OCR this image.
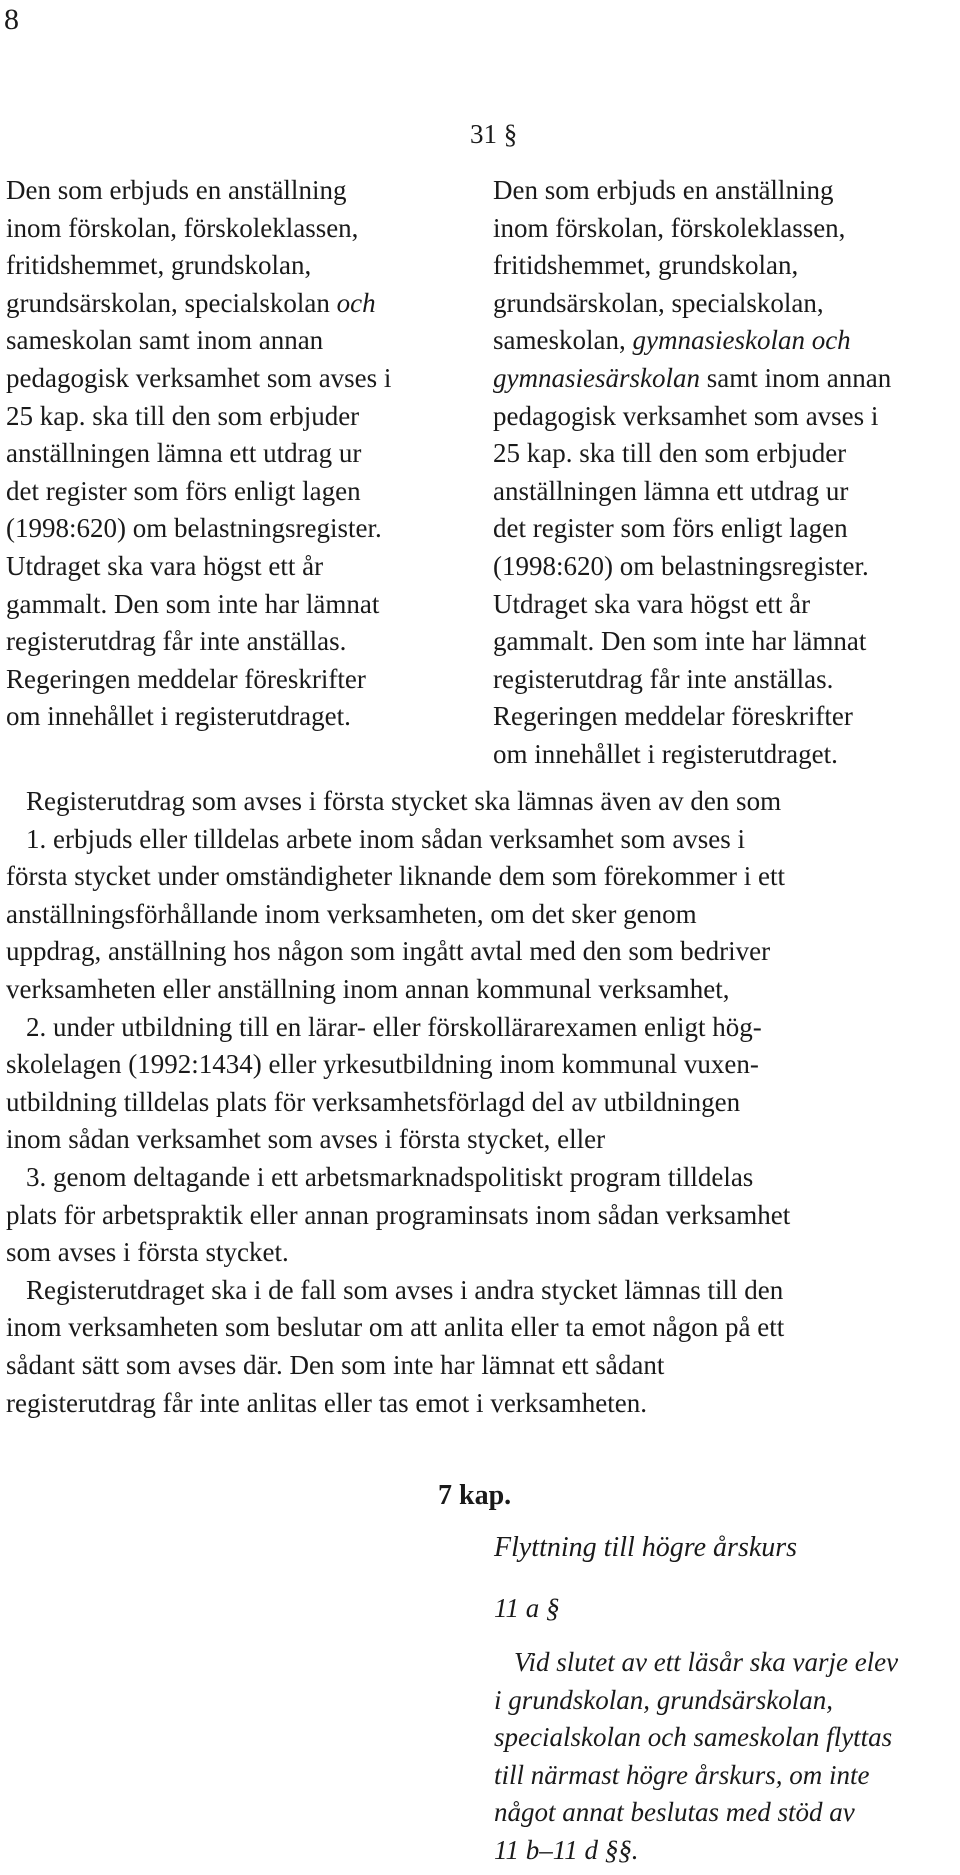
8
31 §
Den som erbjuds en anställning
inom förskolan, förskoleklassen,
fritidshemmet, grundskolan,
grundsärskolan, specialskolan och
sameskolan samt inom annan
pedagogisk verksamhet som avses i
25 kap. ska till den som erbjuder
anställningen lämna ett utdrag ur
det register som förs enligt lagen
(1998:620) om belastningsregister.
Utdraget ska vara högst ett år
gammalt. Den som inte har lämnat
registerutdrag får inte anställas.
Regeringen meddelar föreskrifter
om innehållet i registerutdraget.
Den som erbjuds en anställning
inom förskolan, förskoleklassen,
fritidshemmet, grundskolan,
grundsärskolan, specialskolan,
sameskolan, gymnasieskolan och
gymnasiesärskolan samt inom annan
pedagogisk verksamhet som avses i
25 kap. ska till den som erbjuder
anställningen lämna ett utdrag ur
det register som förs enligt lagen
(1998:620) om belastningsregister.
Utdraget ska vara högst ett år
gammalt. Den som inte har lämnat
registerutdrag får inte anställas.
Regeringen meddelar föreskrifter
om innehållet i registerutdraget.
Registerutdrag som avses i första stycket ska lämnas även av den som
1. erbjuds eller tilldelas arbete inom sådan verksamhet som avses i
första stycket under omständigheter liknande dem som förekommer i ett
anställningsförhållande inom verksamheten, om det sker genom
uppdrag, anställning hos någon som ingått avtal med den som bedriver
verksamheten eller anställning inom annan kommunal verksamhet,
2. under utbildning till en lärar- eller förskollärarexamen enligt hög-
skolelagen (1992:1434) eller yrkesutbildning inom kommunal vuxen-
utbildning tilldelas plats för verksamhetsförlagd del av utbildningen
inom sådan verksamhet som avses i första stycket, eller
3. genom deltagande i ett arbetsmarknadspolitiskt program tilldelas
plats för arbetspraktik eller annan programinsats inom sådan verksamhet
som avses i första stycket.
Registerutdraget ska i de fall som avses i andra stycket lämnas till den
inom verksamheten som beslutar om att anlita eller ta emot någon på ett
sådant sätt som avses där. Den som inte har lämnat ett sådant
registerutdrag får inte anlitas eller tas emot i verksamheten.
7 kap.
Flyttning till högre årskurs
11 a §
Vid slutet av ett läsår ska varje elev
i grundskolan, grundsärskolan,
specialskolan och sameskolan flyttas
till närmast högre årskurs, om inte
något annat beslutas med stöd av
11 b–11 d §§.
